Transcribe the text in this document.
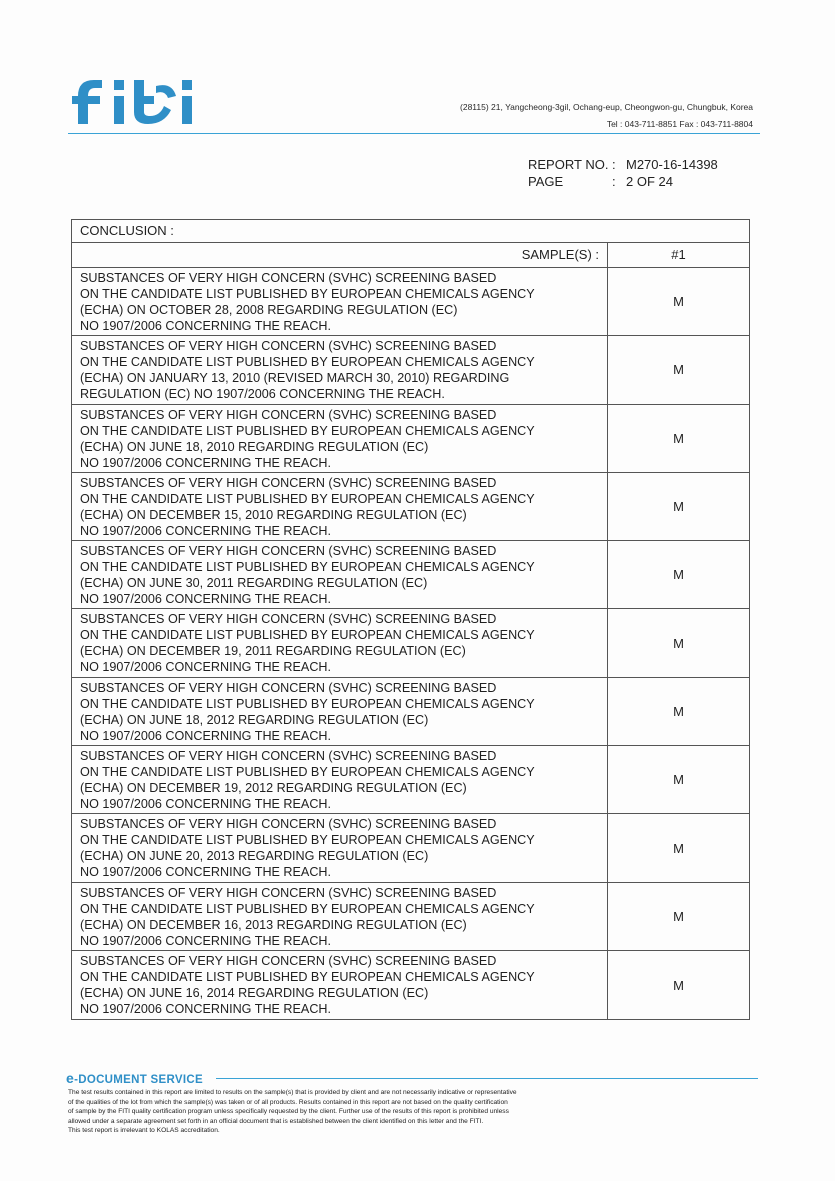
(28115) 21, Yangcheong-3gil, Ochang-eup, Cheongwon-gu, Chungbuk, Korea
Tel : 043-711-8851 Fax : 043-711-8804
REPORT NO. : M270-16-14398
PAGE	: 2 OF 24
CONCLUSION :
SAMPLE(S) :	#1
SUBSTANCES OF VERY HIGH CONCERN (SVHC) SCREENING BASED
ON THE CANDIDATE LIST PUBLISHED BY EUROPEAN CHEMICALS AGENCY
(ECHA) ON OCTOBER 28, 2008 REGARDING REGULATION (EC)
NO 1907/2006 CONCERNING THE REACH.
M
SUBSTANCES OF VERY HIGH CONCERN (SVHC) SCREENING BASED
ON THE CANDIDATE LIST PUBLISHED BY EUROPEAN CHEMICALS AGENCY
(ECHA) ON JANUARY 13, 2010 (REVISED MARCH 30, 2010) REGARDING
REGULATION (EC) NO 1907/2006 CONCERNING THE REACH.
M
SUBSTANCES OF VERY HIGH CONCERN (SVHC) SCREENING BASED
ON THE CANDIDATE LIST PUBLISHED BY EUROPEAN CHEMICALS AGENCY
(ECHA) ON JUNE 18, 2010 REGARDING REGULATION (EC)
NO 1907/2006 CONCERNING THE REACH.
M
SUBSTANCES OF VERY HIGH CONCERN (SVHC) SCREENING BASED
ON THE CANDIDATE LIST PUBLISHED BY EUROPEAN CHEMICALS AGENCY
(ECHA) ON DECEMBER 15, 2010 REGARDING REGULATION (EC)
NO 1907/2006 CONCERNING THE REACH.
M
SUBSTANCES OF VERY HIGH CONCERN (SVHC) SCREENING BASED
ON THE CANDIDATE LIST PUBLISHED BY EUROPEAN CHEMICALS AGENCY
(ECHA) ON JUNE 30, 2011 REGARDING REGULATION (EC)
NO 1907/2006 CONCERNING THE REACH.
M
SUBSTANCES OF VERY HIGH CONCERN (SVHC) SCREENING BASED
ON THE CANDIDATE LIST PUBLISHED BY EUROPEAN CHEMICALS AGENCY
(ECHA) ON DECEMBER 19, 2011 REGARDING REGULATION (EC)
NO 1907/2006 CONCERNING THE REACH.
M
SUBSTANCES OF VERY HIGH CONCERN (SVHC) SCREENING BASED
ON THE CANDIDATE LIST PUBLISHED BY EUROPEAN CHEMICALS AGENCY
(ECHA) ON JUNE 18, 2012 REGARDING REGULATION (EC)
NO 1907/2006 CONCERNING THE REACH.
M
SUBSTANCES OF VERY HIGH CONCERN (SVHC) SCREENING BASED
ON THE CANDIDATE LIST PUBLISHED BY EUROPEAN CHEMICALS AGENCY
(ECHA) ON DECEMBER 19, 2012 REGARDING REGULATION (EC)
NO 1907/2006 CONCERNING THE REACH.
M
SUBSTANCES OF VERY HIGH CONCERN (SVHC) SCREENING BASED
ON THE CANDIDATE LIST PUBLISHED BY EUROPEAN CHEMICALS AGENCY
(ECHA) ON JUNE 20, 2013 REGARDING REGULATION (EC)
NO 1907/2006 CONCERNING THE REACH.
M
SUBSTANCES OF VERY HIGH CONCERN (SVHC) SCREENING BASED
ON THE CANDIDATE LIST PUBLISHED BY EUROPEAN CHEMICALS AGENCY
(ECHA) ON DECEMBER 16, 2013 REGARDING REGULATION (EC)
NO 1907/2006 CONCERNING THE REACH.
M
SUBSTANCES OF VERY HIGH CONCERN (SVHC) SCREENING BASED
ON THE CANDIDATE LIST PUBLISHED BY EUROPEAN CHEMICALS AGENCY
(ECHA) ON JUNE 16, 2014 REGARDING REGULATION (EC)
NO 1907/2006 CONCERNING THE REACH.
M
e-DOCUMENT SERVICE
The test results contained in this report are limited to results on the sample(s) that is provided by client and are not necessarily indicative or representative
of the qualities of the lot from which the sample(s) was taken or of all products. Results contained in this report are not based on the quality certification
of sample by the FITI quality certification program unless specifically requested by the client. Further use of the results of this report is prohibited unless
allowed under a separate agreement set forth in an official document that is established between the client identified on this letter and the FITI.
This test report is irrelevant to KOLAS accreditation.
